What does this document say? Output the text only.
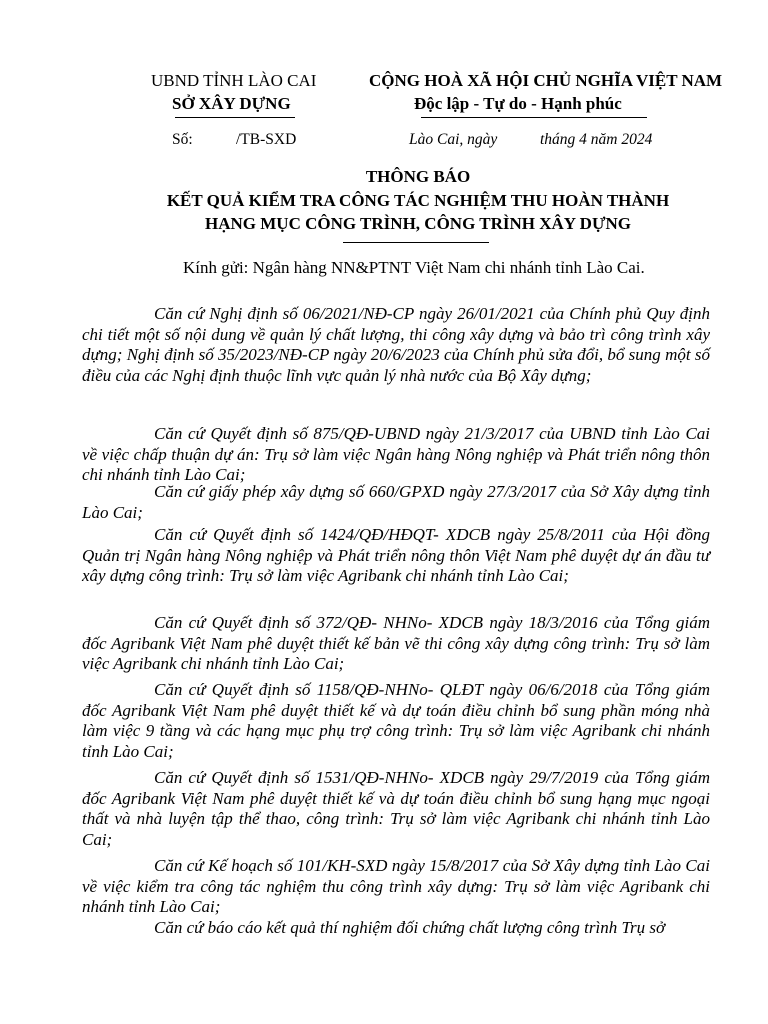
UBND TỈNH LÀO CAI
SỞ XÂY DỰNG
CỘNG HOÀ XÃ HỘI CHỦ NGHĨA VIỆT NAM
Độc lập - Tự do - Hạnh phúc
Số:	/TB-SXD	Lào Cai, ngày	tháng 4 năm 2024
THÔNG BÁO
KẾT QUẢ KIỂM TRA CÔNG TÁC NGHIỆM THU HOÀN THÀNH
HẠNG MỤC CÔNG TRÌNH, CÔNG TRÌNH XÂY DỰNG
Kính gửi: Ngân hàng NN&PTNT Việt Nam chi nhánh tỉnh Lào Cai.
Căn cứ Nghị định số 06/2021/NĐ-CP ngày 26/01/2021 của Chính phủ Quy định chi tiết một số nội dung về quản lý chất lượng, thi công xây dựng và bảo trì công trình xây dựng; Nghị định số 35/2023/NĐ-CP ngày 20/6/2023 của Chính phủ sửa đổi, bổ sung một số điều của các Nghị định thuộc lĩnh vực quản lý nhà nước của Bộ Xây dựng;
Căn cứ Quyết định số 875/QĐ-UBND ngày 21/3/2017 của UBND tỉnh Lào Cai về việc chấp thuận dự án: Trụ sở làm việc Ngân hàng Nông nghiệp và Phát triển nông thôn chi nhánh tỉnh Lào Cai;
Căn cứ giấy phép xây dựng số 660/GPXD ngày 27/3/2017 của Sở Xây dựng tỉnh Lào Cai;
Căn cứ Quyết định số 1424/QĐ/HĐQT- XDCB ngày 25/8/2011 của Hội đồng Quản trị Ngân hàng Nông nghiệp và Phát triển nông thôn Việt Nam phê duyệt dự án đầu tư xây dựng công trình: Trụ sở làm việc Agribank chi nhánh tỉnh Lào Cai;
Căn cứ Quyết định số 372/QĐ- NHNo- XDCB ngày 18/3/2016 của Tổng giám đốc Agribank Việt Nam phê duyệt thiết kế bản vẽ thi công xây dựng công trình: Trụ sở làm việc Agribank chi nhánh tỉnh Lào Cai;
Căn cứ Quyết định số 1158/QĐ-NHNo- QLĐT ngày 06/6/2018 của Tổng giám đốc Agribank Việt Nam phê duyệt thiết kế và dự toán điều chỉnh bổ sung phần móng nhà làm việc 9 tầng và các hạng mục phụ trợ công trình: Trụ sở làm việc Agribank chi nhánh tỉnh Lào Cai;
Căn cứ Quyết định số 1531/QĐ-NHNo- XDCB ngày 29/7/2019 của Tổng giám đốc Agribank Việt Nam phê duyệt thiết kế và dự toán điều chỉnh bổ sung hạng mục ngoại thất và nhà luyện tập thể thao, công trình: Trụ sở làm việc Agribank chi nhánh tỉnh Lào Cai;
Căn cứ Kế hoạch số 101/KH-SXD ngày 15/8/2017 của Sở Xây dựng tỉnh Lào Cai về việc kiểm tra công tác nghiệm thu công trình xây dựng: Trụ sở làm việc Agribank chi nhánh tỉnh Lào Cai;
Căn cứ báo cáo kết quả thí nghiệm đối chứng chất lượng công trình Trụ sở
